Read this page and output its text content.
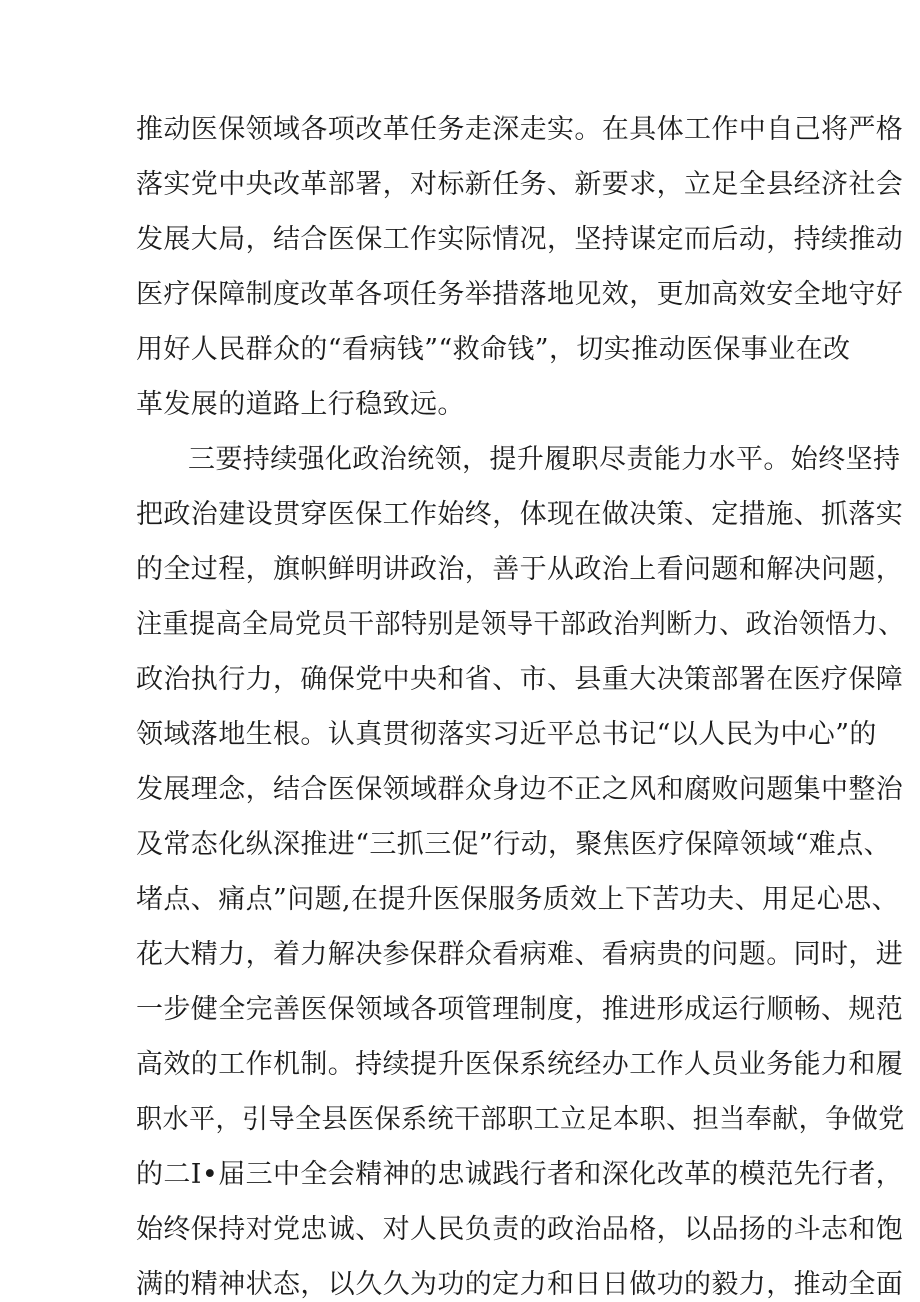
推动医保领域各项改革任务走深走实。在具体工作中自己将严格
落实党中央改革部署，对标新任务、新要求，立足全县经济社会
发展大局，结合医保工作实际情况，坚持谋定而后动，持续推动
医疗保障制度改革各项任务举措落地见效，更加高效安全地守好
用好人民群众的“看病钱”“救命钱”，切实推动医保事业在改
革发展的道路上行稳致远。
三要持续强化政治统领，提升履职尽责能力水平。始终坚持
把政治建设贯穿医保工作始终，体现在做决策、定措施、抓落实
的全过程，旗帜鲜明讲政治，善于从政治上看问题和解决问题，
注重提高全局党员干部特别是领导干部政治判断力、政治领悟力、
政治执行力，确保党中央和省、市、县重大决策部署在医疗保障
领域落地生根。认真贯彻落实习近平总书记“以人民为中心”的
发展理念，结合医保领域群众身边不正之风和腐败问题集中整治
及常态化纵深推进“三抓三促”行动，聚焦医疗保障领域“难点、
堵点、痛点”问题,在提升医保服务质效上下苦功夫、用足心思、
花大精力，着力解决参保群众看病难、看病贵的问题。同时，进
一步健全完善医保领域各项管理制度，推进形成运行顺畅、规范
高效的工作机制。持续提升医保系统经办工作人员业务能力和履
职水平，引导全县医保系统干部职工立足本职、担当奉献，争做党
的二I•届三中全会精神的忠诚践行者和深化改革的模范先行者，
始终保持对党忠诚、对人民负责的政治品格，以品扬的斗志和饱
满的精神状态，以久久为功的定力和日日做功的毅力，推动全面
